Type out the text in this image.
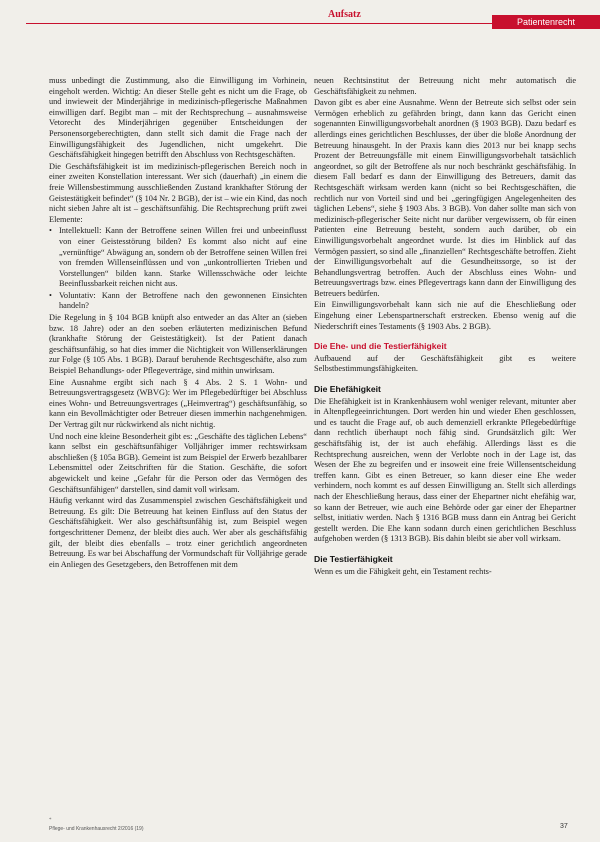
Aufsatz
Patientenrecht

muss unbedingt die Zustimmung, also die Einwilligung im Vorhinein, eingeholt werden. Wichtig: An dieser Stelle geht es nicht um die Frage, ob und inwieweit der Minderjährige in medizinisch-pflegerische Maßnahmen einwilligen darf. Begibt man – mit der Rechtsprechung – ausnahmsweise Vetorecht des Minderjährigen gegenüber Entscheidungen der Personensorgeberechtigten, dann stellt sich damit die Frage nach der Einwilligungsfähigkeit des Jugendlichen, nicht umgekehrt. Die Geschäftsfähigkeit hingegen betrifft den Abschluss von Rechtsgeschäften.

Die Geschäftsfähigkeit ist im medizinisch-pflegerischen Bereich noch in einer zweiten Konstellation interessant. Wer sich (dauerhaft) „in einem die freie Willensbestimmung ausschließenden Zustand krankhafter Störung der Geistestätigkeit befindet“ (§ 104 Nr. 2 BGB), der ist – wie ein Kind, das noch nicht sieben Jahre alt ist – geschäftsunfähig. Die Rechtsprechung prüft zwei Elemente:

• Intellektuell: Kann der Betroffene seinen Willen frei und unbeeinflusst von einer Geistesstörung bilden? Es kommt also nicht auf eine „vernünftige“ Abwägung an, sondern ob der Betroffene seinen Willen frei von fremden Willenseinflüssen und von „unkontrollierten Trieben und Vorstellungen“ bilden kann. Starke Willensschwäche oder leichte Beeinflussbarkeit reichen nicht aus.
• Voluntativ: Kann der Betroffene nach den gewonnenen Einsichten handeln?

Die Regelung in § 104 BGB knüpft also entweder an das Alter an (sieben bzw. 18 Jahre) oder an den soeben erläuterten medizinischen Befund (krankhafte Störung der Geistestätigkeit). Ist der Patient danach geschäftsunfähig, so hat dies immer die Nichtigkeit von Willenserklärungen zur Folge (§ 105 Abs. 1 BGB). Darauf beruhende Rechtsgeschäfte, also zum Beispiel Behandlungs- oder Pflegeverträge, sind mithin unwirksam.

Eine Ausnahme ergibt sich nach § 4 Abs. 2 S. 1 Wohn- und Betreuungsvertragsgesetz (WBVG): Wer im Pflegebedürftiger bei Abschluss eines Wohn- und Betreuungsvertrages („Heimvertrag“) geschäftsunfähig, so kann ein Bevollmächtigter oder Betreuer diesen immerhin nachgenehmigen. Der Vertrag gilt nur rückwirkend als nicht nichtig.

Und noch eine kleine Besonderheit gibt es: „Geschäfte des täglichen Lebens“ kann selbst ein geschäftsunfähiger Volljähriger immer rechtswirksam abschließen (§ 105a BGB). Gemeint ist zum Beispiel der Erwerb bezahlbarer Lebensmittel oder Zeitschriften für die Station. Geschäfte, die sofort abgewickelt und keine „Gefahr für die Person oder das Vermögen des Geschäftsunfähigen“ darstellen, sind damit voll wirksam.

Häufig verkannt wird das Zusammenspiel zwischen Geschäftsfähigkeit und Betreuung. Es gilt: Die Betreuung hat keinen Einfluss auf den Status der Geschäftsfähigkeit. Wer also geschäftsunfähig ist, zum Beispiel wegen fortgeschrittener Demenz, der bleibt dies auch. Wer aber als geschäftsfähig gilt, der bleibt dies ebenfalls – trotz einer gerichtlich angeordneten Betreuung. Es war bei Abschaffung der Vormundschaft für Volljährige gerade ein Anliegen des Gesetzgebers, den Betroffenen mit dem

neuen Rechtsinstitut der Betreuung nicht mehr automatisch die Geschäftsfähigkeit zu nehmen.

Davon gibt es aber eine Ausnahme. Wenn der Betreute sich selbst oder sein Vermögen erheblich zu gefährden bringt, dann kann das Gericht einen sogenannten Einwilligungsvorbehalt anordnen (§ 1903 BGB). Dazu bedarf es allerdings eines gerichtlichen Beschlusses, der über die bloße Anordnung der Betreuung hinausgeht. In der Praxis kann dies 2013 nur bei knapp sechs Prozent der Betreuungsfälle mit einem Einwilligungsvorbehalt tatsächlich angeordnet, so gilt der Betroffene als nur noch beschränkt geschäftsfähig. In diesem Fall bedarf es dann der Einwilligung des Betreuers, damit das Rechtsgeschäft wirksam werden kann (nicht so bei Rechtsgeschäften, die rechtlich nur von Vorteil sind und bei „geringfügigen Angelegenheiten des täglichen Lebens“, siehe § 1903 Abs. 3 BGB). Von daher sollte man sich von medizinisch-pflegerischer Seite nicht nur darüber vergewissern, ob für einen Patienten eine Betreuung besteht, sondern auch darüber, ob ein Einwilligungsvorbehalt angeordnet wurde. Ist dies im Hinblick auf das Vermögen passiert, so sind alle „finanziellen“ Rechtsgeschäfte betroffen. Zieht der Einwilligungsvorbehalt auf die Gesundheitssorge, so ist der Behandlungsvertrag betroffen. Auch der Abschluss eines Wohn- und Betreuungsvertrags bzw. eines Pflegevertrags kann dann der Einwilligung des Betreuers bedürfen.

Ein Einwilligungsvorbehalt kann sich nie auf die Eheschließung oder Eingehung einer Lebenspartnerschaft erstrecken. Ebenso wenig auf die Niederschrift eines Testaments (§ 1903 Abs. 2 BGB).

Die Ehe- und die Testierfähigkeit

Aufbauend auf der Geschäftsfähigkeit gibt es weitere Selbstbestimmungsfähigkeiten.

Die Ehefähigkeit

Die Ehefähigkeit ist in Krankenhäusern wohl weniger relevant, mitunter aber in Altenpflegeeinrichtungen. Dort werden hin und wieder Ehen geschlossen, und es taucht die Frage auf, ob auch demenziell erkrankte Pflegebedürftige dann rechtlich überhaupt noch fähig sind. Grundsätzlich gilt: Wer geschäftsfähig ist, der ist auch ehefähig. Allerdings lässt es die Rechtsprechung ausreichen, wenn der Verlobte noch in der Lage ist, das Wesen der Ehe zu begreifen und er insoweit eine freie Willensentscheidung treffen kann. Gibt es einen Betreuer, so kann dieser eine Ehe weder verhindern, noch kommt es auf dessen Einwilligung an. Stellt sich allerdings nach der Eheschließung heraus, dass einer der Ehepartner nicht ehefähig war, so kann der Betreuer, wie auch eine Behörde oder gar einer der Ehepartner selbst, initiativ werden. Nach § 1316 BGB muss dann ein Antrag bei Gericht gestellt werden. Die Ehe kann sodann durch einen gerichtlichen Beschluss aufgehoben werden (§ 1313 BGB). Bis dahin bleibt sie aber voll wirksam.

Die Testierfähigkeit

Wenn es um die Fähigkeit geht, ein Testament rechts-

*
Pflege- und Krankenhausrecht 2/2016 (19)	37
